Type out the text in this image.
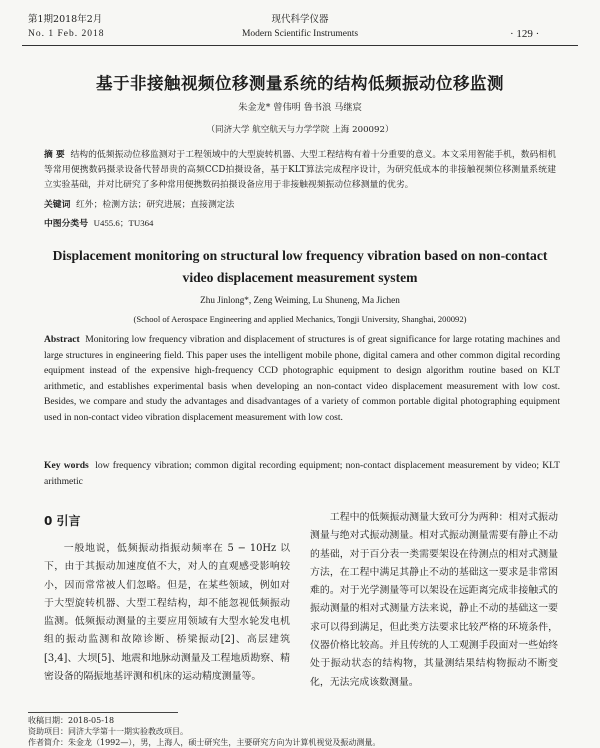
第1期2018年2月
No. 1 Feb. 2018
现代科学仪器
Modern Scientific Instruments	· 129 ·
基于非接触视频位移测量系统的结构低频振动位移监测
朱金龙* 曾伟明 鲁书浪 马继宸
（同济大学 航空航天与力学学院 上海 200092）
摘 要 结构的低频振动位移监测对于工程领域中的大型旋转机器、大型工程结构有着十分重要的意义。本文采用智能手机，数码相机等常用便携数码摄录设备代替昂贵的高频CCD拍摄设备，基于KLT算法完成程序设计，为研究低成本的非接触视频位移测量系统建立实验基础，并对比研究了多种常用便携数码拍摄设备应用于非接触视频振动位移测量的优劣。
关键词 红外；检测方法；研究进展；直接测定法
中图分类号 U455.6；TU364
Displacement monitoring on structural low frequency vibration based on non-contact video displacement measurement system
Zhu Jinlong*, Zeng Weiming, Lu Shuneng, Ma Jichen
(School of Aerospace Engineering and applied Mechanics, Tongji University, Shanghai, 200092)
Abstract Monitoring low frequency vibration and displacement of structures is of great significance for large rotating machines and large structures in engineering field. This paper uses the intelligent mobile phone, digital camera and other common digital recording equipment instead of the expensive high-frequency CCD photographic equipment to design algorithm routine based on KLT arithmetic, and establishes experimental basis when developing an non-contact video displacement measurement with low cost. Besides, we compare and study the advantages and disadvantages of a variety of common portable digital photographing equipment used in non-contact video vibration displacement measurement with low cost.
Key words low frequency vibration; common digital recording equipment; non-contact displacement measurement by video; KLT arithmetic
0 引言
一般地说，低频振动指振动频率在 5 − 10Hz 以下，由于其振动加速度值不大，对人的直观感受影响较小，因而常常被人们忽略。但是，在某些领域，例如对于大型旋转机器、大型工程结构，却不能忽视低频振动监测。低频振动测量的主要应用领域有大型水轮发电机组的振动监测和故障诊断、桥梁振动[2]、高层建筑[3,4]、大坝[5]、地震和地脉动测量及工程地质勘察、精密设备的隔振地基评测和机床的运动精度测量等。
工程中的低频振动测量大致可分为两种：相对式振动测量与绝对式振动测量。相对式振动测量需要有静止不动的基础，对于百分表一类需要架设在待测点的相对式测量方法，在工程中满足其静止不动的基础这一要求是非常困难的。对于光学测量等可以架设在远距离完成非接触式的振动测量的相对式测量方法来说，静止不动的基础这一要求可以得到满足，但此类方法要求比较严格的环境条件，仪器价格比较高。并且传统的人工观测手段面对一些始终处于振动状态的结构物，其量测结果结构物振动不断变化，无法完成该数测量。
收稿日期：2018-05-18
资助项目：同济大学第十一期实验教改项目。
作者简介：朱金龙（1992—），男，上海人，硕士研究生，主要研究方向为计算机视觉及振动测量。
